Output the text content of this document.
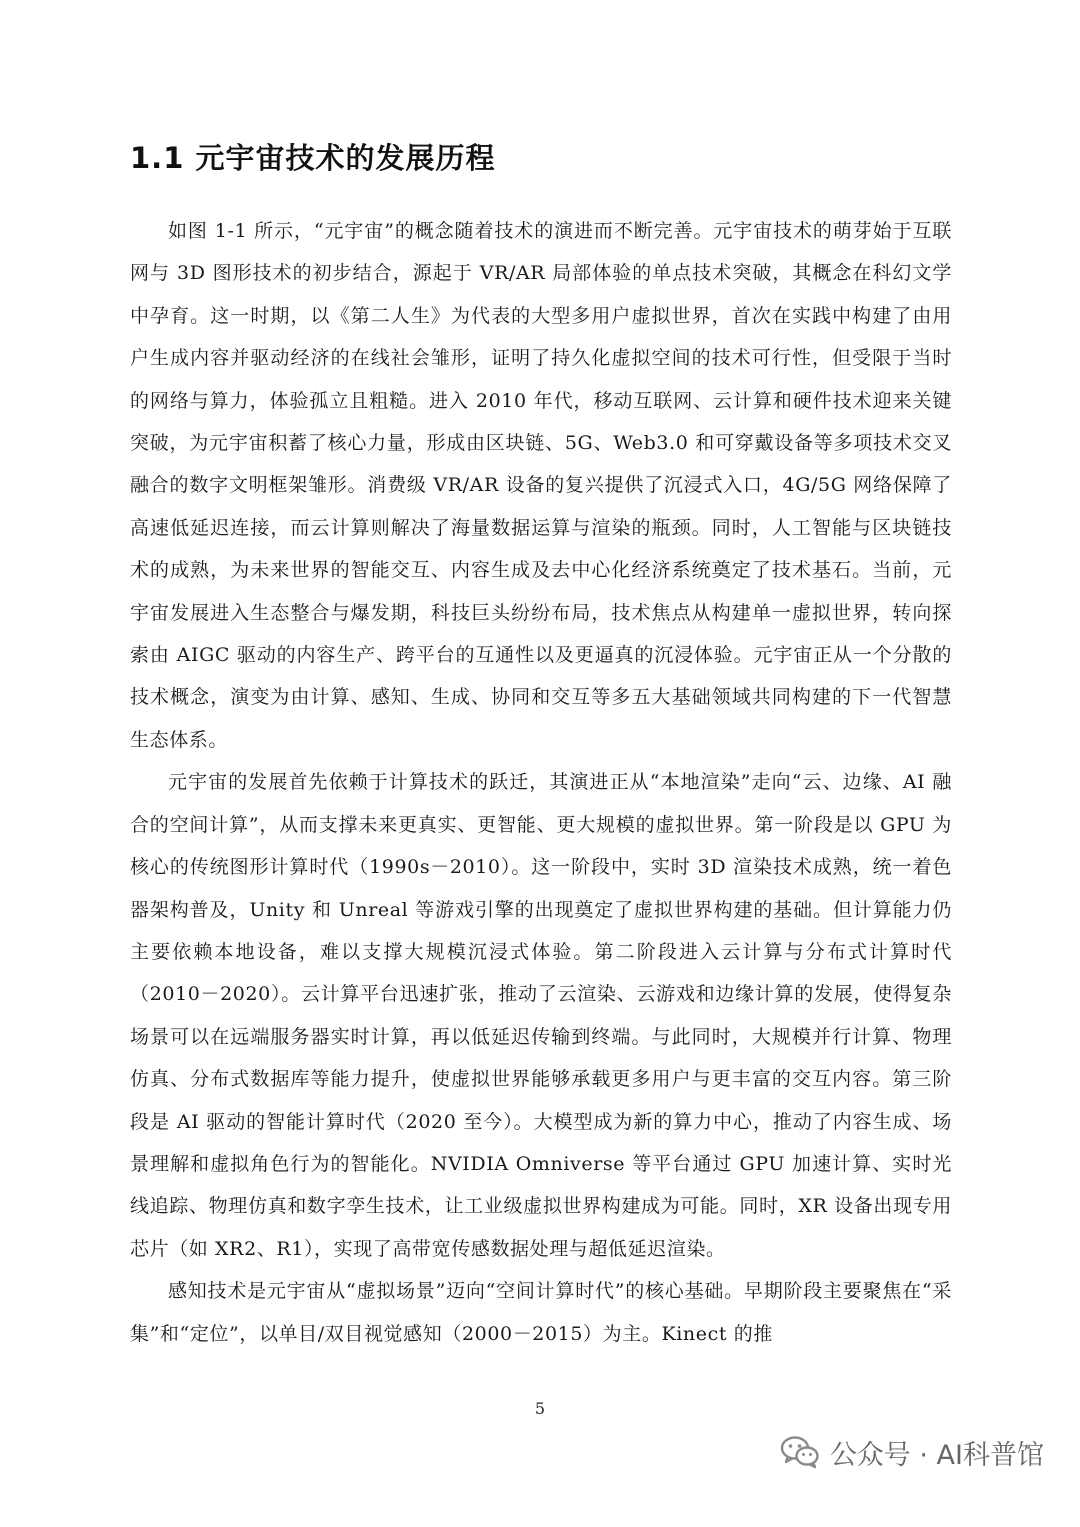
1.1 元宇宙技术的发展历程

如图 1-1 所示，“元宇宙”的概念随着技术的演进而不断完善。元宇宙技术的萌芽始于互联网与 3D 图形技术的初步结合，源起于 VR/AR 局部体验的单点技术突破，其概念在科幻文学中孕育。这一时期，以《第二人生》为代表的大型多用户虚拟世界，首次在实践中构建了由用户生成内容并驱动经济的在线社会雏形，证明了持久化虚拟空间的技术可行性，但受限于当时的网络与算力，体验孤立且粗糙。进入 2010 年代，移动互联网、云计算和硬件技术迎来关键突破，为元宇宙积蓄了核心力量，形成由区块链、5G、Web3.0 和可穿戴设备等多项技术交叉融合的数字文明框架雏形。消费级 VR/AR 设备的复兴提供了沉浸式入口，4G/5G 网络保障了高速低延迟连接，而云计算则解决了海量数据运算与渲染的瓶颈。同时，人工智能与区块链技术的成熟，为未来世界的智能交互、内容生成及去中心化经济系统奠定了技术基石。当前，元宇宙发展进入生态整合与爆发期，科技巨头纷纷布局，技术焦点从构建单一虚拟世界，转向探索由 AIGC 驱动的内容生产、跨平台的互通性以及更逼真的沉浸体验。元宇宙正从一个分散的技术概念，演变为由计算、感知、生成、协同和交互等多五大基础领域共同构建的下一代智慧生态体系。

元宇宙的发展首先依赖于计算技术的跃迁，其演进正从“本地渲染”走向“云、边缘、AI 融合的空间计算”，从而支撑未来更真实、更智能、更大规模的虚拟世界。第一阶段是以 GPU 为核心的传统图形计算时代（1990s－2010）。这一阶段中，实时 3D 渲染技术成熟，统一着色器架构普及，Unity 和 Unreal 等游戏引擎的出现奠定了虚拟世界构建的基础。但计算能力仍主要依赖本地设备，难以支撑大规模沉浸式体验。第二阶段进入云计算与分布式计算时代（2010－2020）。云计算平台迅速扩张，推动了云渲染、云游戏和边缘计算的发展，使得复杂场景可以在远端服务器实时计算，再以低延迟传输到终端。与此同时，大规模并行计算、物理仿真、分布式数据库等能力提升，使虚拟世界能够承载更多用户与更丰富的交互内容。第三阶段是 AI 驱动的智能计算时代（2020 至今）。大模型成为新的算力中心，推动了内容生成、场景理解和虚拟角色行为的智能化。NVIDIA Omniverse 等平台通过 GPU 加速计算、实时光线追踪、物理仿真和数字孪生技术，让工业级虚拟世界构建成为可能。同时，XR 设备出现专用芯片（如 XR2、R1），实现了高带宽传感数据处理与超低延迟渲染。

感知技术是元宇宙从“虚拟场景”迈向“空间计算时代”的核心基础。早期阶段主要聚焦在“采集”和“定位”，以单目/双目视觉感知（2000－2015）为主。Kinect 的推

5
公众号 · AI科普馆
